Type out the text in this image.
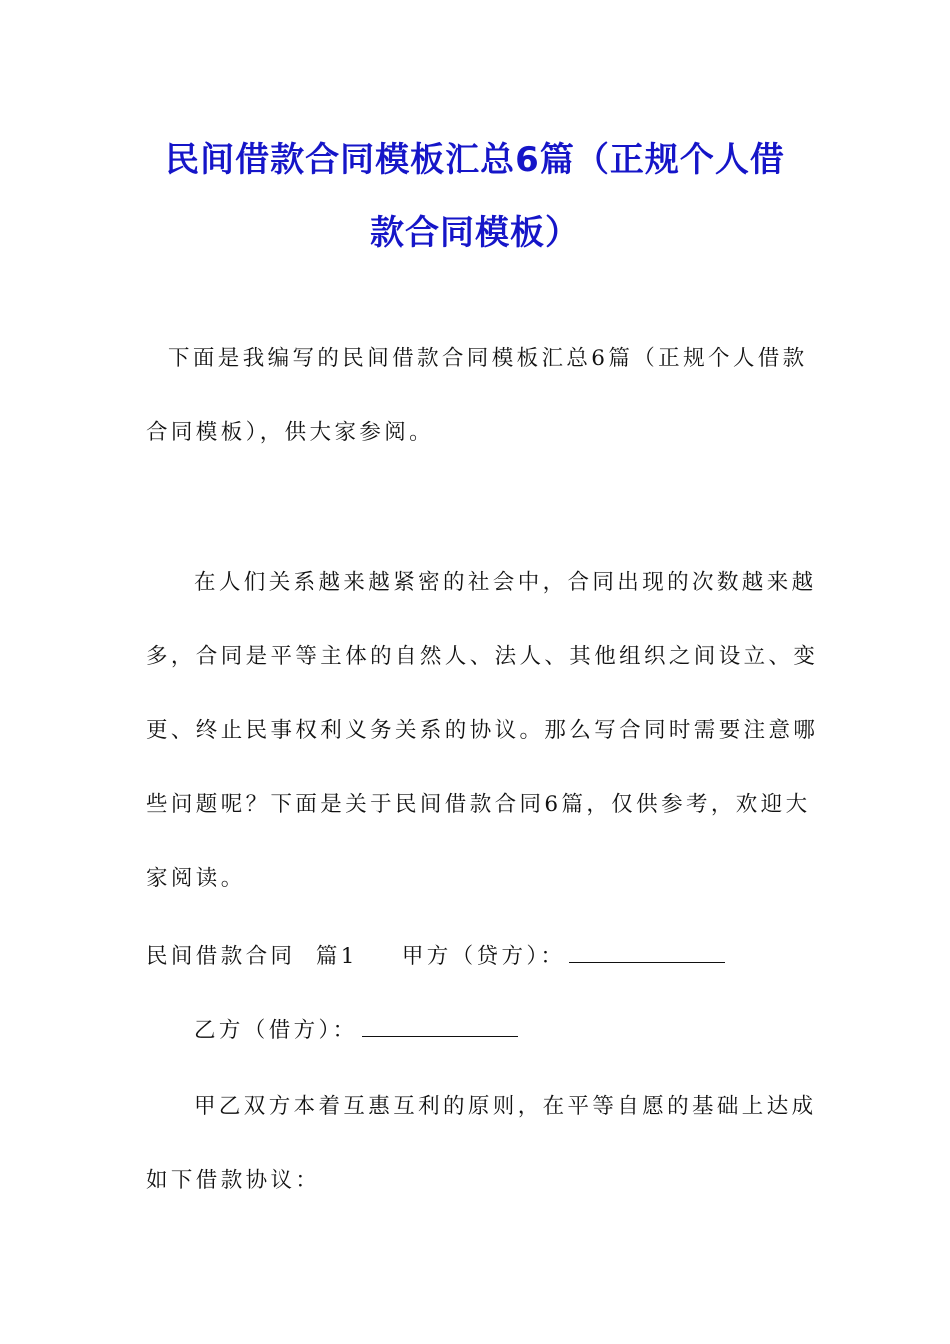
民间借款合同模板汇总6篇（正规个人借
款合同模板）
下面是我编写的民间借款合同模板汇总6篇（正规个人借款
合同模板），供大家参阅。
在人们关系越来越紧密的社会中，合同出现的次数越来越
多，合同是平等主体的自然人、法人、其他组织之间设立、变
更、终止民事权利义务关系的协议。那么写合同时需要注意哪
些问题呢？下面是关于民间借款合同6篇，仅供参考，欢迎大
家阅读。
民间借款合同  篇1 甲方（贷方）：
乙方（借方）：
甲乙双方本着互惠互利的原则，在平等自愿的基础上达成
如下借款协议：
